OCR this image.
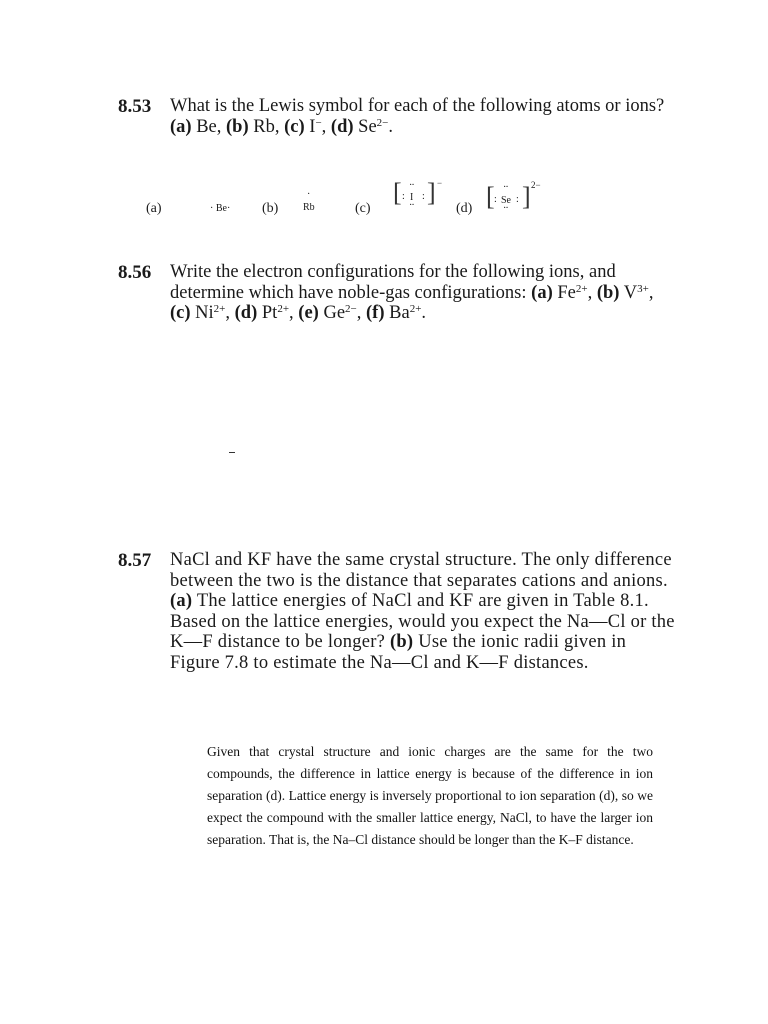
8.53 What is the Lewis symbol for each of the following atoms or ions? (a) Be, (b) Rb, (c) I−, (d) $Se^{2-}$.
(a)	· Be· (b)
·
Rb	(c)
[ :
··
I
··
: ] −
(d) [ :
··
Se
··
: ] 2−
8.56 Write the electron configurations for the following ions, and determine which have noble-gas configurations: (a) $Fe^{2+}$, (b) $V^{3+}$, (c) $Ni^{2+}$, (d) $Pt^{2+}$, (e) $Ge^{2-}$, (f) $Ba^{2+}$.
8.57 NaCl and KF have the same crystal structure. The only difference between the two is the distance that separates cations and anions. (a) The lattice energies of NaCl and KF are given in Table 8.1. Based on the lattice energies, would you expect the Na—Cl or the K—F distance to be longer? (b) Use the ionic radii given in Figure 7.8 to estimate the Na—Cl and K—F distances.
Given that crystal structure and ionic charges are the same for the two compounds, the difference in lattice energy is because of the difference in ion separation (d). Lattice energy is inversely proportional to ion separation (d), so we expect the compound with the smaller lattice energy, NaCl, to have the larger ion separation. That is, the Na–Cl distance should be longer than the K–F distance.
